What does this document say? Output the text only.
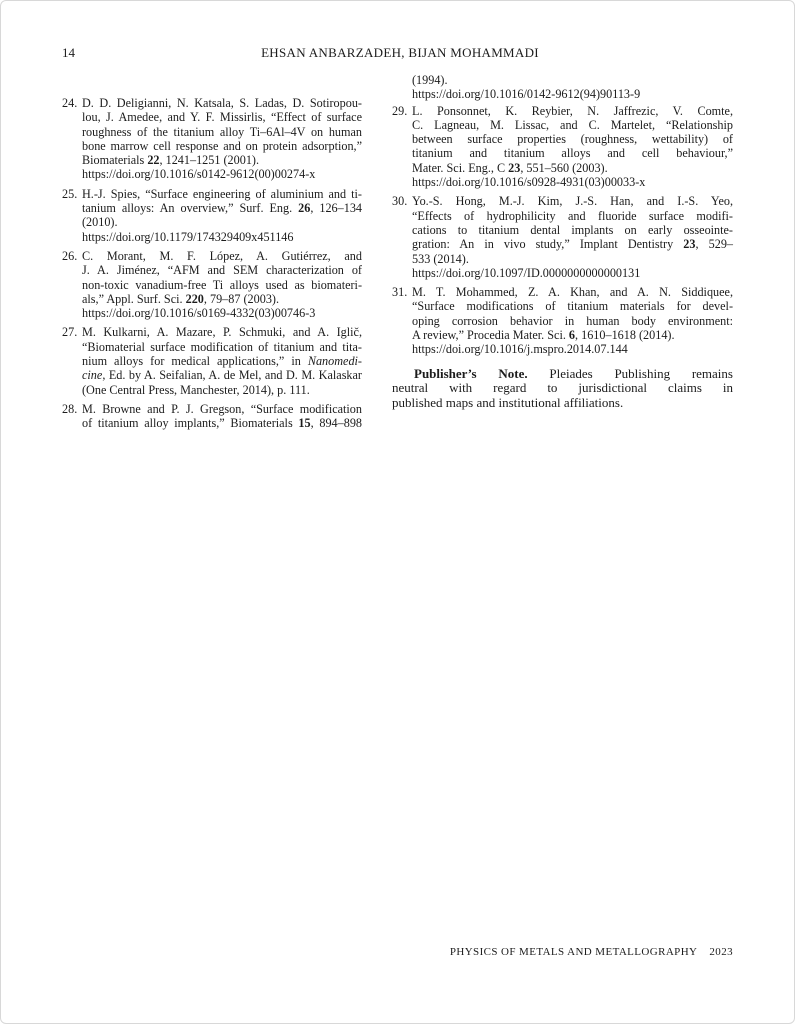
14	EHSAN ANBARZADEH, BIJAN MOHAMMADI
24. D. D. Deligianni, N. Katsala, S. Ladas, D. Sotiropou-
lou, J. Amedee, and Y. F. Missirlis, “Effect of surface
roughness of the titanium alloy Ti–6Al–4V on human
bone marrow cell response and on protein adsorption,”
Biomaterials 22, 1241–1251 (2001).
https://doi.org/10.1016/s0142-9612(00)00274-x
25. H.-J. Spies, “Surface engineering of aluminium and ti-
tanium alloys: An overview,” Surf. Eng. 26, 126–134
(2010).
https://doi.org/10.1179/174329409x451146
26. C. Morant, M. F. López, A. Gutiérrez, and
J. A. Jiménez, “AFM and SEM characterization of
non-toxic vanadium-free Ti alloys used as biomateri-
als,” Appl. Surf. Sci. 220, 79–87 (2003).
https://doi.org/10.1016/s0169-4332(03)00746-3
27. M. Kulkarni, A. Mazare, P. Schmuki, and A. Iglič,
“Biomaterial surface modification of titanium and tita-
nium alloys for medical applications,” in Nanomedi-
cine, Ed. by A. Seifalian, A. de Mel, and D. M. Kalaskar
(One Central Press, Manchester, 2014), p. 111.
28. M. Browne and P. J. Gregson, “Surface modification
of titanium alloy implants,” Biomaterials 15, 894–898
(1994).
https://doi.org/10.1016/0142-9612(94)90113-9
29. L. Ponsonnet, K. Reybier, N. Jaffrezic, V. Comte,
C. Lagneau, M. Lissac, and C. Martelet, “Relationship
between surface properties (roughness, wettability) of
titanium and titanium alloys and cell behaviour,”
Mater. Sci. Eng., C 23, 551–560 (2003).
https://doi.org/10.1016/s0928-4931(03)00033-x
30. Yo.-S. Hong, M.-J. Kim, J.-S. Han, and I.-S. Yeo,
“Effects of hydrophilicity and fluoride surface modifi-
cations to titanium dental implants on early osseointe-
gration: An in vivo study,” Implant Dentistry 23, 529–
533 (2014).
https://doi.org/10.1097/ID.0000000000000131
31. M. T. Mohammed, Z. A. Khan, and A. N. Siddiquee,
“Surface modifications of titanium materials for devel-
oping corrosion behavior in human body environment:
A review,” Procedia Mater. Sci. 6, 1610–1618 (2014).
https://doi.org/10.1016/j.mspro.2014.07.144
Publisher’s Note. Pleiades Publishing remains
neutral with regard to jurisdictional claims in
published maps and institutional affiliations.
PHYSICS OF METALS AND METALLOGRAPHY 2023
